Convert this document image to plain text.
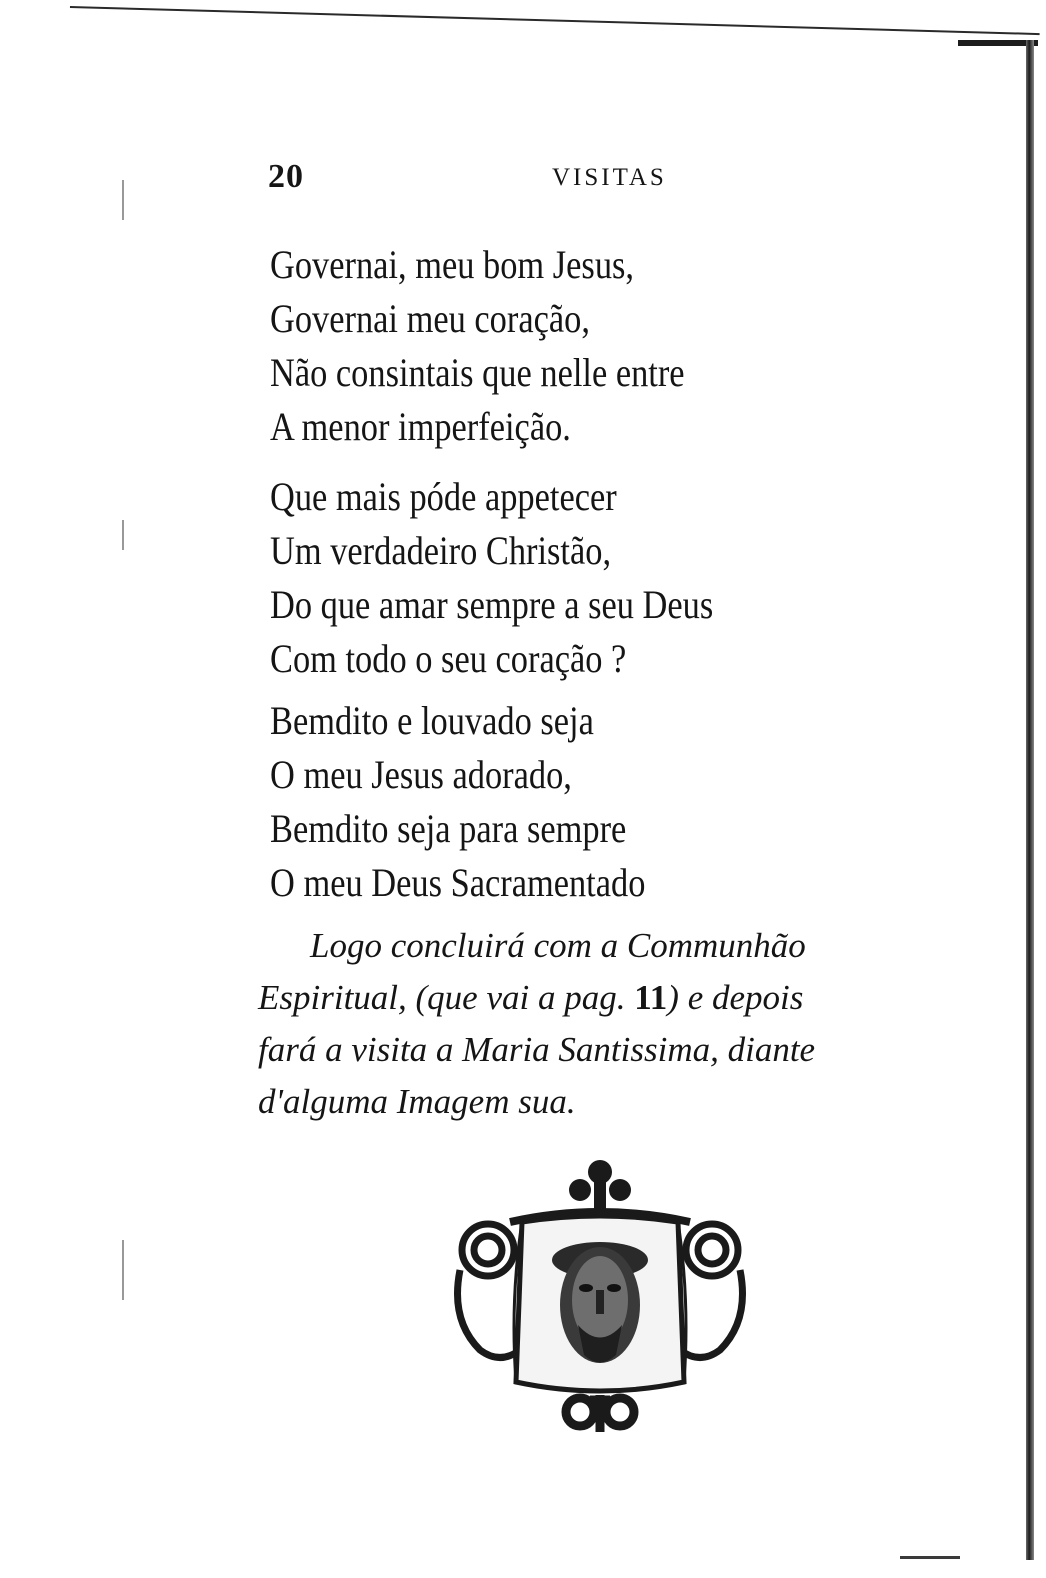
20	VISITAS
Governai, meu bom Jesus,
Governai meu coração,
Não consintais que nelle entre
A menor imperfeição.
Que mais póde appetecer
Um verdadeiro Christão,
Do que amar sempre a seu Deus
Com todo o seu coração ?
Bemdito e louvado seja
O meu Jesus adorado,
Bemdito seja para sempre
O meu Deus Sacramentado
Logo concluirá com a Communhão
Espiritual, (que vai a pag. 11) e depois
fará a visita a Maria Santissima, diante
d'alguma Imagem sua.
